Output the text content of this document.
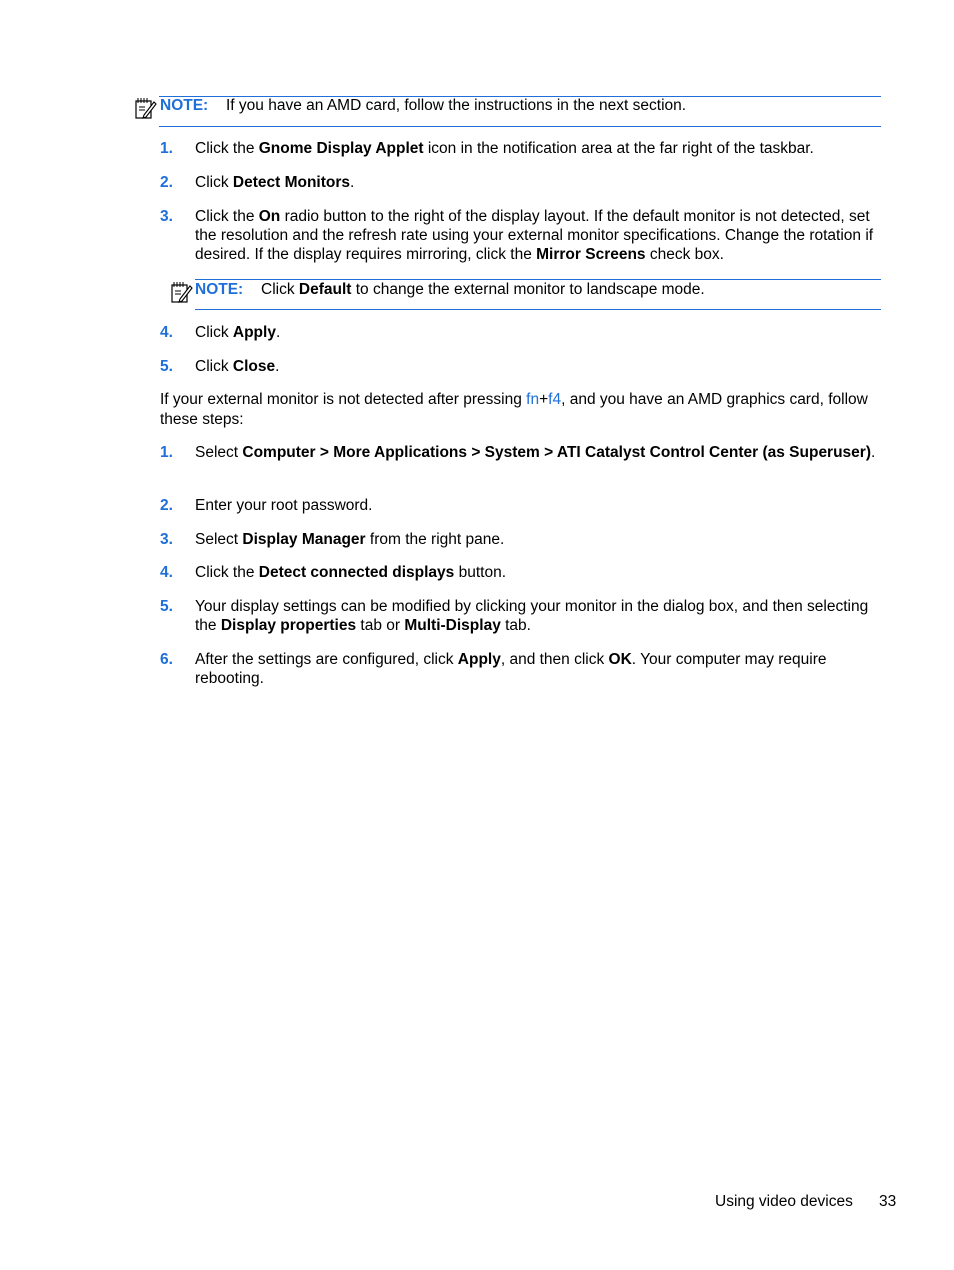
NOTE: If you have an AMD card, follow the instructions in the next section.
1. Click the Gnome Display Applet icon in the notification area at the far right of the taskbar.
2. Click Detect Monitors.
3. Click the On radio button to the right of the display layout. If the default monitor is not detected, set the resolution and the refresh rate using your external monitor specifications. Change the rotation if desired. If the display requires mirroring, click the Mirror Screens check box.
NOTE: Click Default to change the external monitor to landscape mode.
4. Click Apply.
5. Click Close.
If your external monitor is not detected after pressing fn+f4, and you have an AMD graphics card, follow these steps:
1. Select Computer > More Applications > System > ATI Catalyst Control Center (as Superuser).
2. Enter your root password.
3. Select Display Manager from the right pane.
4. Click the Detect connected displays button.
5. Your display settings can be modified by clicking your monitor in the dialog box, and then selecting the Display properties tab or Multi-Display tab.
6. After the settings are configured, click Apply, and then click OK. Your computer may require rebooting.
Using video devices 33
